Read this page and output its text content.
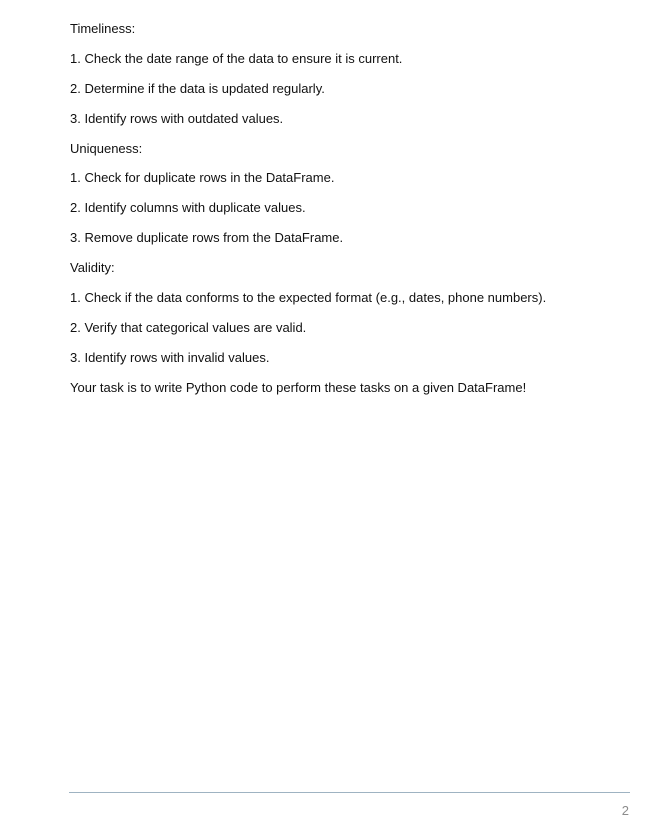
Timeliness:
1. Check the date range of the data to ensure it is current.
2. Determine if the data is updated regularly.
3. Identify rows with outdated values.
Uniqueness:
1. Check for duplicate rows in the DataFrame.
2. Identify columns with duplicate values.
3. Remove duplicate rows from the DataFrame.
Validity:
1. Check if the data conforms to the expected format (e.g., dates, phone numbers).
2. Verify that categorical values are valid.
3. Identify rows with invalid values.
Your task is to write Python code to perform these tasks on a given DataFrame!
2
